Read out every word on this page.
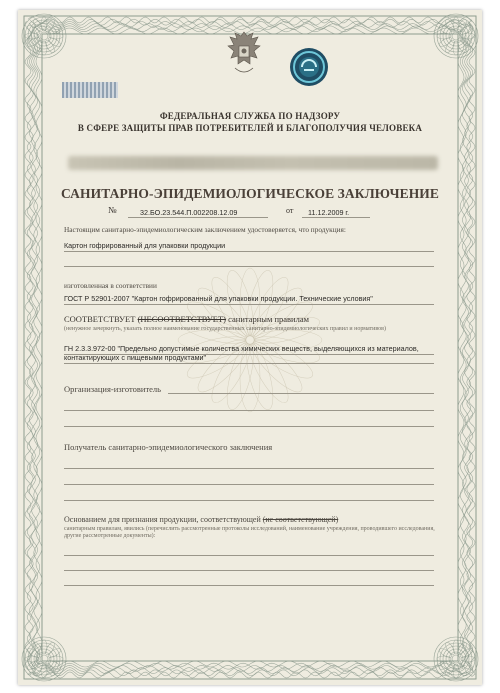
ФЕДЕРАЛЬНАЯ СЛУЖБА ПО НАДЗОРУ
В СФЕРЕ ЗАЩИТЫ ПРАВ ПОТРЕБИТЕЛЕЙ И БЛАГОПОЛУЧИЯ ЧЕЛОВЕКА
САНИТАРНО-ЭПИДЕМИОЛОГИЧЕСКОЕ ЗАКЛЮЧЕНИЕ
№	32.БО.23.544.П.002208.12.09	от 11.12.2009 г.
Настоящим санитарно-эпидемиологическим заключением удостоверяется, что продукция:
Картон гофрированный для упаковки продукции
изготовленная в соответствии
ГОСТ Р 52901-2007 "Картон гофрированный для упаковки продукции. Технические условия"
СООТВЕТСТВУЕТ (НЕСООТВЕТСТВУЕТ) санитарным правилам
(ненужное зачеркнуть, указать полное наименование государственных санитарно-эпидемиологических правил и нормативов)
ГН 2.3.3.972-00 "Предельно допустимые количества химических веществ, выделяющихся из материалов, контактирующих с пищевыми продуктами"
Организация-изготовитель
Получатель санитарно-эпидемиологического заключения
Основанием для признания продукции, соответствующей (не соответствующей)
санитарным правилам, явились (перечислить рассмотренные протоколы исследований, наименование учреждения, проводившего исследования, другие рассмотренные документы):
